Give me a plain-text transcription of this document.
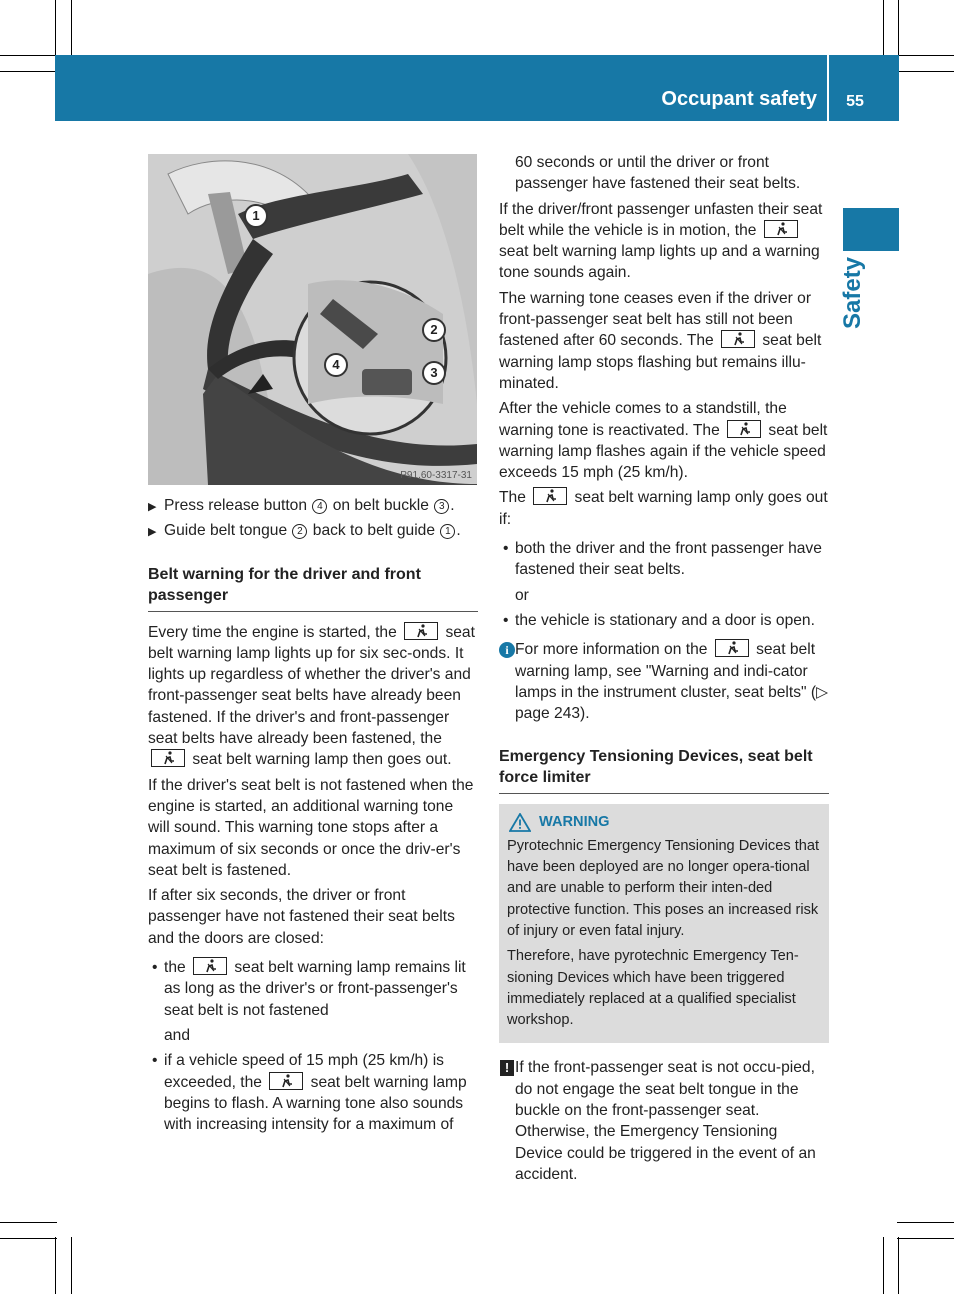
Occupant safety	55
Safety
1
2
3
4
P91.60-3317-31
▶ Press release button 4 on belt buckle 3 .
▶ Guide belt tongue 2 back to belt guide 1 .
Belt warning for the driver and front passenger

Every time the engine is started, the	seat belt warning lamp lights up for six sec-onds. It lights up regardless of whether the driver's and front-passenger seat belts have already been fastened. If the driver's and front-passenger seat belts have already been fastened, the
seat belt warning lamp then goes out.

If the driver's seat belt is not fastened when the engine is started, an additional warning tone will sound. This warning tone stops after a maximum of six seconds or once the driv-er's seat belt is fastened.

If after six seconds, the driver or front passenger have not fastened their seat belts and the doors are closed:

• the	seat belt warning lamp remains lit as long as the driver's or front-passenger's seat belt is not fastened
and
• if a vehicle speed of 15 mph (25 km/h) is exceeded, the	seat belt warning lamp begins to flash. A warning tone also sounds with increasing intensity for a maximum of

60 seconds or until the driver or front passenger have fastened their seat belts.

If the driver/front passenger unfasten their seat belt while the vehicle is in motion, the
seat belt warning lamp lights up and a warning tone sounds again.

The warning tone ceases even if the driver or front-passenger seat belt has still not been fastened after 60 seconds. The	seat belt warning lamp stops flashing but remains illu-minated.

After the vehicle comes to a standstill, the warning tone is reactivated. The	seat belt warning lamp flashes again if the vehicle speed exceeds 15 mph (25 km/h).

The	seat belt warning lamp only goes out if:

• both the driver and the front passenger have fastened their seat belts.
or
• the vehicle is stationary and a door is open.
i For more information on the	seat belt warning lamp, see "Warning and indi-cator lamps in the instrument cluster, seat belts" (▷ page 243).
Emergency Tensioning Devices, seat belt force limiter
WARNING

Pyrotechnic Emergency Tensioning Devices that have been deployed are no longer opera-tional and are unable to perform their inten-ded protective function. This poses an increased risk of injury or even fatal injury.

Therefore, have pyrotechnic Emergency Ten-sioning Devices which have been triggered immediately replaced at a qualified specialist workshop.

! If the front-passenger seat is not occu-pied, do not engage the seat belt tongue in the buckle on the front-passenger seat. Otherwise, the Emergency Tensioning Device could be triggered in the event of an accident.
